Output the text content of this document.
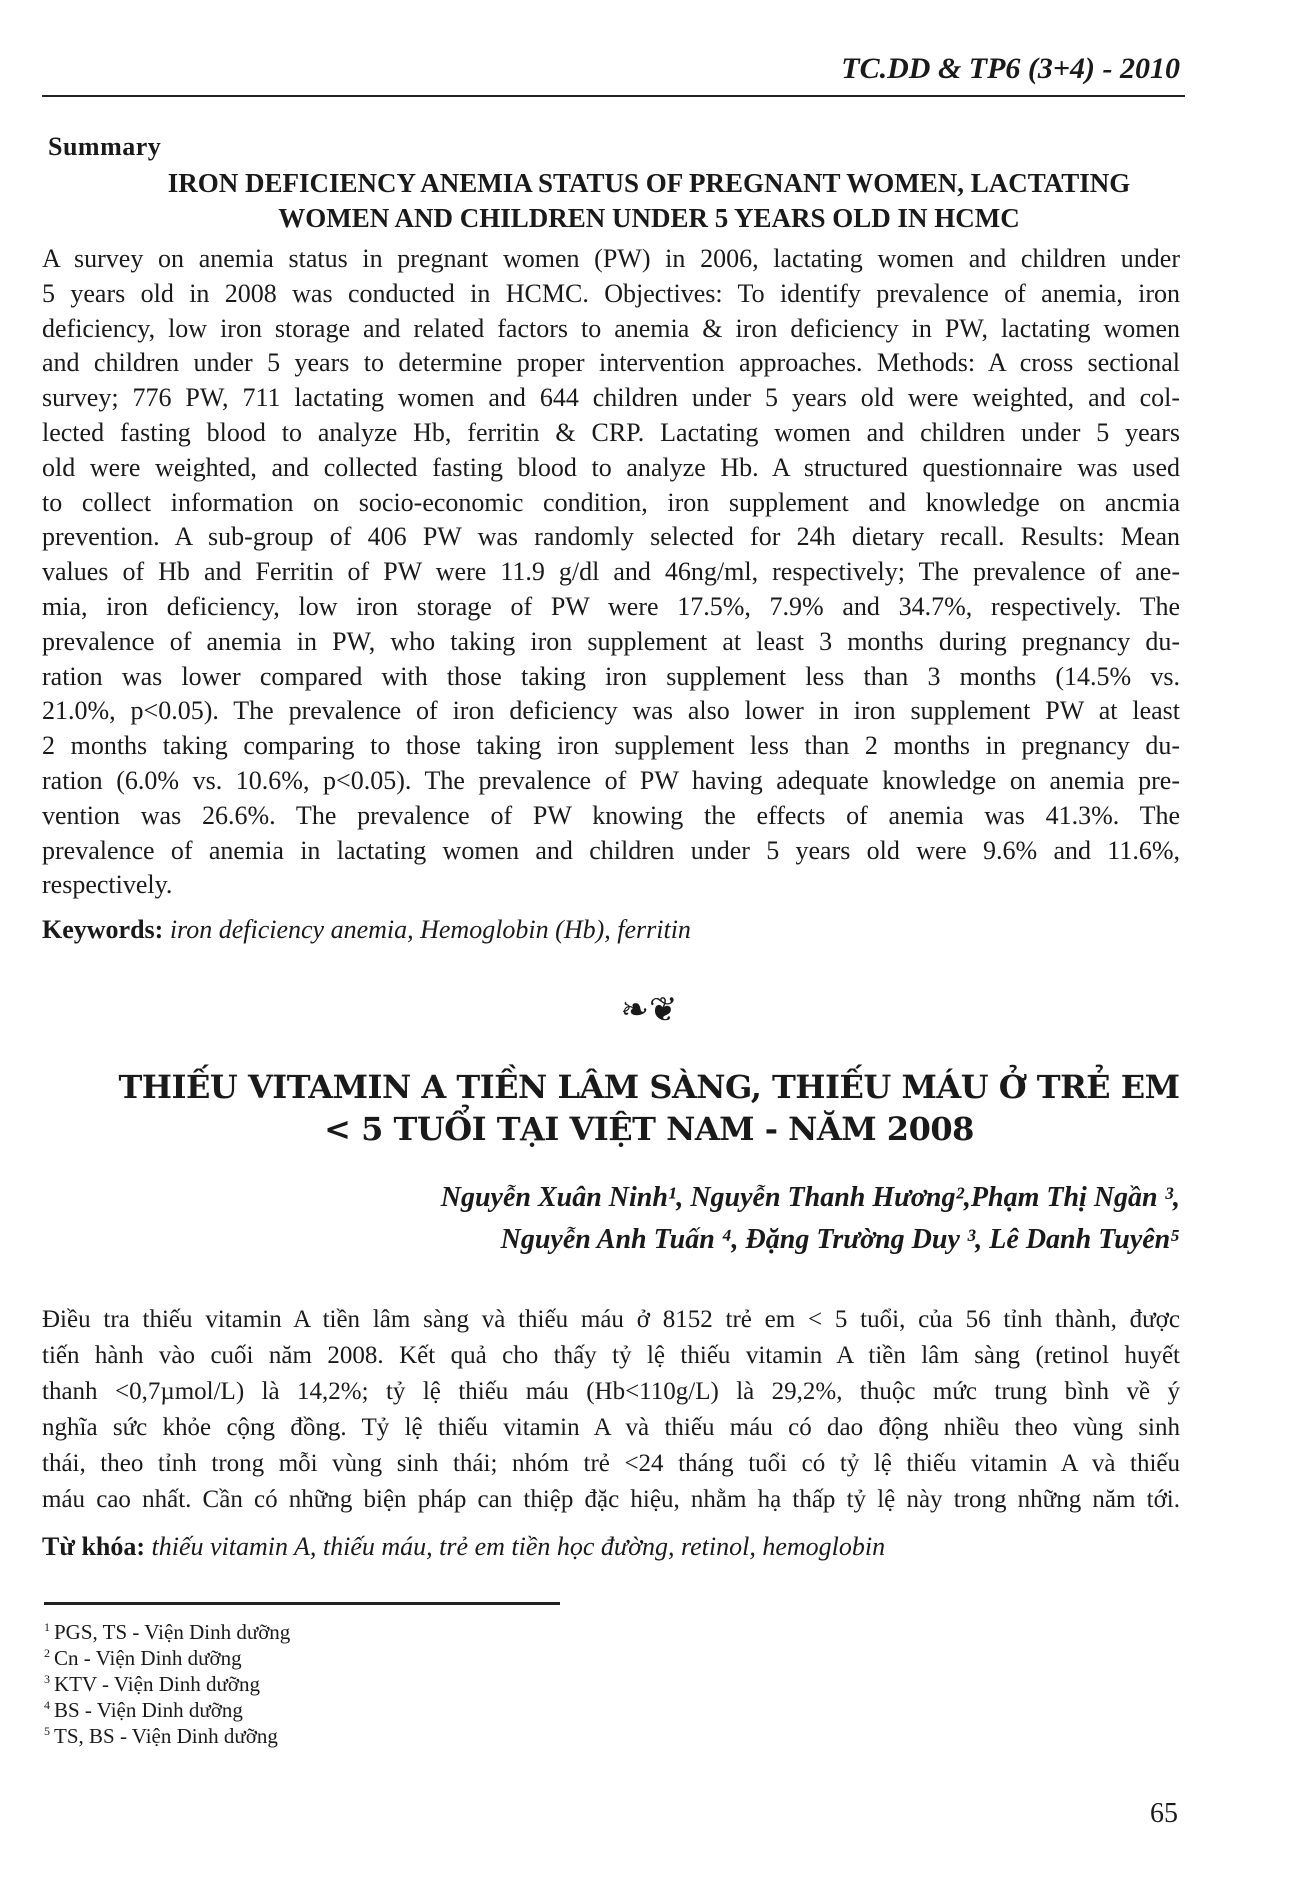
TC.DD & TP6 (3+4) - 2010
Summary
IRON DEFICIENCY ANEMIA STATUS OF PREGNANT WOMEN, LACTATING
WOMEN AND CHILDREN UNDER 5 YEARS OLD IN HCMC
A survey on anemia status in pregnant women (PW) in 2006, lactating women and children under
5 years old in 2008 was conducted in HCMC. Objectives: To identify prevalence of anemia, iron
deficiency, low iron storage and related factors to anemia & iron deficiency in PW, lactating women
and children under 5 years to determine proper intervention approaches. Methods: A cross sectional
survey; 776 PW, 711 lactating women and 644 children under 5 years old were weighted, and col-
lected fasting blood to analyze Hb, ferritin & CRP. Lactating women and children under 5 years
old were weighted, and collected fasting blood to analyze Hb. A structured questionnaire was used
to collect information on socio-economic condition, iron supplement and knowledge on ancmia
prevention. A sub-group of 406 PW was randomly selected for 24h dietary recall. Results: Mean
values of Hb and Ferritin of PW were 11.9 g/dl and 46ng/ml, respectively; The prevalence of ane-
mia, iron deficiency, low iron storage of PW were 17.5%, 7.9% and 34.7%, respectively. The
prevalence of anemia in PW, who taking iron supplement at least 3 months during pregnancy du-
ration was lower compared with those taking iron supplement less than 3 months (14.5% vs.
21.0%, p<0.05). The prevalence of iron deficiency was also lower in iron supplement PW at least
2 months taking comparing to those taking iron supplement less than 2 months in pregnancy du-
ration (6.0% vs. 10.6%, p<0.05). The prevalence of PW having adequate knowledge on anemia pre-
vention was 26.6%. The prevalence of PW knowing the effects of anemia was 41.3%. The
prevalence of anemia in lactating women and children under 5 years old were 9.6% and 11.6%,
respectively.
Keywords: iron deficiency anemia, Hemoglobin (Hb), ferritin
❧❦
THIẾU VITAMIN A TIỀN LÂM SÀNG, THIẾU MÁU Ở TRẺ EM
< 5 TUỔI TẠI VIỆT NAM - NĂM 2008
Nguyễn Xuân Ninh¹, Nguyễn Thanh Hương²,Phạm Thị Ngần ³,
Nguyễn Anh Tuấn ⁴, Đặng Trường Duy ³, Lê Danh Tuyên⁵
Điều tra thiếu vitamin A tiền lâm sàng và thiếu máu ở 8152 trẻ em < 5 tuổi, của 56 tỉnh thành, được
tiến hành vào cuối năm 2008. Kết quả cho thấy tỷ lệ thiếu vitamin A tiền lâm sàng (retinol huyết
thanh <0,7µmol/L) là 14,2%; tỷ lệ thiếu máu (Hb<110g/L) là 29,2%, thuộc mức trung bình về ý
nghĩa sức khỏe cộng đồng. Tỷ lệ thiếu vitamin A và thiếu máu có dao động nhiều theo vùng sinh
thái, theo tỉnh trong mỗi vùng sinh thái; nhóm trẻ <24 tháng tuổi có tỷ lệ thiếu vitamin A và thiếu
máu cao nhất. Cần có những biện pháp can thiệp đặc hiệu, nhằm hạ thấp tỷ lệ này trong những năm tới.
Từ khóa: thiếu vitamin A, thiếu máu, trẻ em tiền học đường, retinol, hemoglobin
$^1$ PGS, TS - Viện Dinh dưỡng
$^2$ Cn - Viện Dinh dưỡng
$^3$ KTV - Viện Dinh dưỡng
$^4$ BS - Viện Dinh dưỡng
$^5$ TS, BS - Viện Dinh dưỡng
65
